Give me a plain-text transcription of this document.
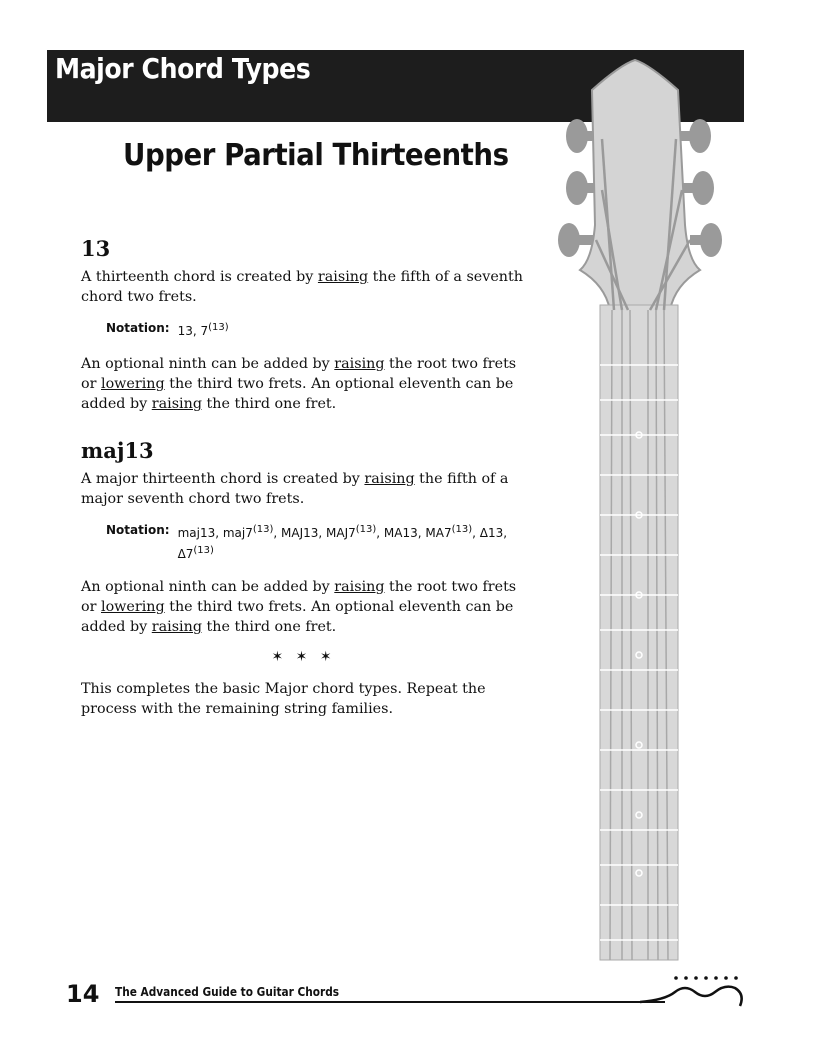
Major Chord Types
Upper Partial Thirteenths
13

A thirteenth chord is created by raising the fifth of a seventh chord two frets.

Notation: 13, 7$^{(13)}$

An optional ninth can be added by raising the root two frets or lowering the third two frets. An optional eleventh can be added by raising the third one fret.

maj13

A major thirteenth chord is created by raising the fifth of a major seventh chord two frets.

Notation: maj13, maj7$^{(13)}$, MAJ13, MAJ7$^{(13)}$, MA13, MA7$^{(13)}$, Δ13, Δ7$^{(13)}$

An optional ninth can be added by raising the root two frets or lowering the third two frets. An optional eleventh can be added by raising the third one fret.

✶ ✶ ✶

This completes the basic Major chord types. Repeat the process with the remaining string families.

14 The Advanced Guide to Guitar Chords
